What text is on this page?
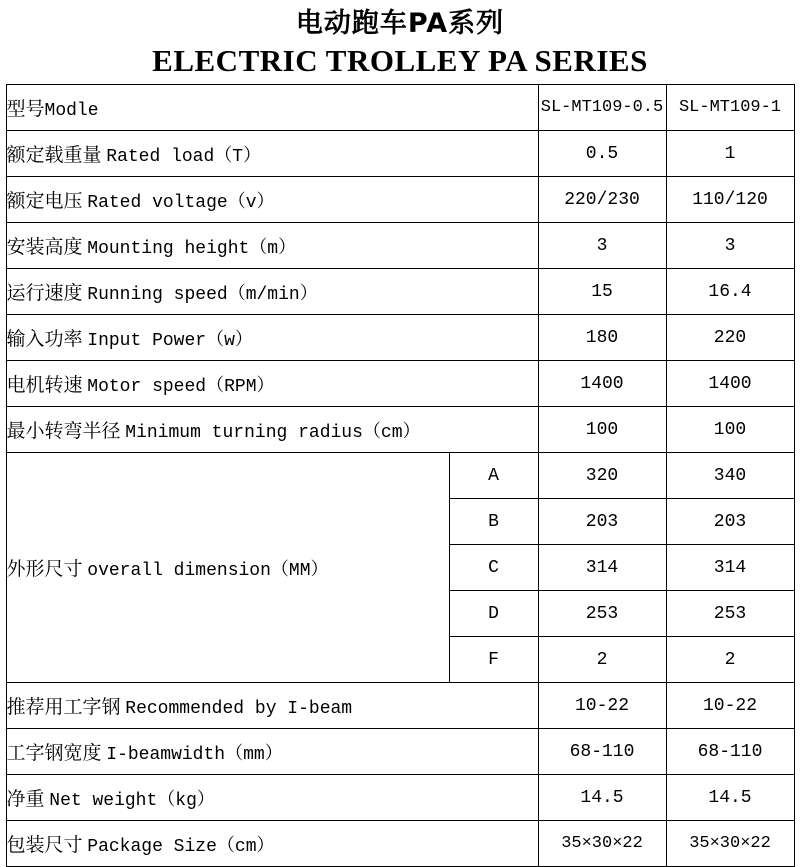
电动跑车PA系列
ELECTRIC TROLLEY PA SERIES
型号Modle		SL-MT109-0.5	SL-MT109-1
额定载重量 Rated load（T）		0.5	1
额定电压 Rated voltage（v）		220/230	110/120
安装高度 Mounting height（m）		3	3
运行速度 Running speed（m/min）		15	16.4
输入功率 Input Power（w）		180	220
电机转速 Motor speed（RPM）		1400	1400
最小转弯半径 Minimum turning radius（cm）		100	100
外形尺寸 overall dimension（MM）	A	320	340
	B	203	203
	C	314	314
	D	253	253
	F	2	2
推荐用工字钢 Recommended by I-beam		10-22	10-22
工字钢宽度 I-beamwidth（mm）		68-110	68-110
净重 Net weight（kg）		14.5	14.5
包装尺寸 Package Size（cm）		35×30×22	35×30×22
